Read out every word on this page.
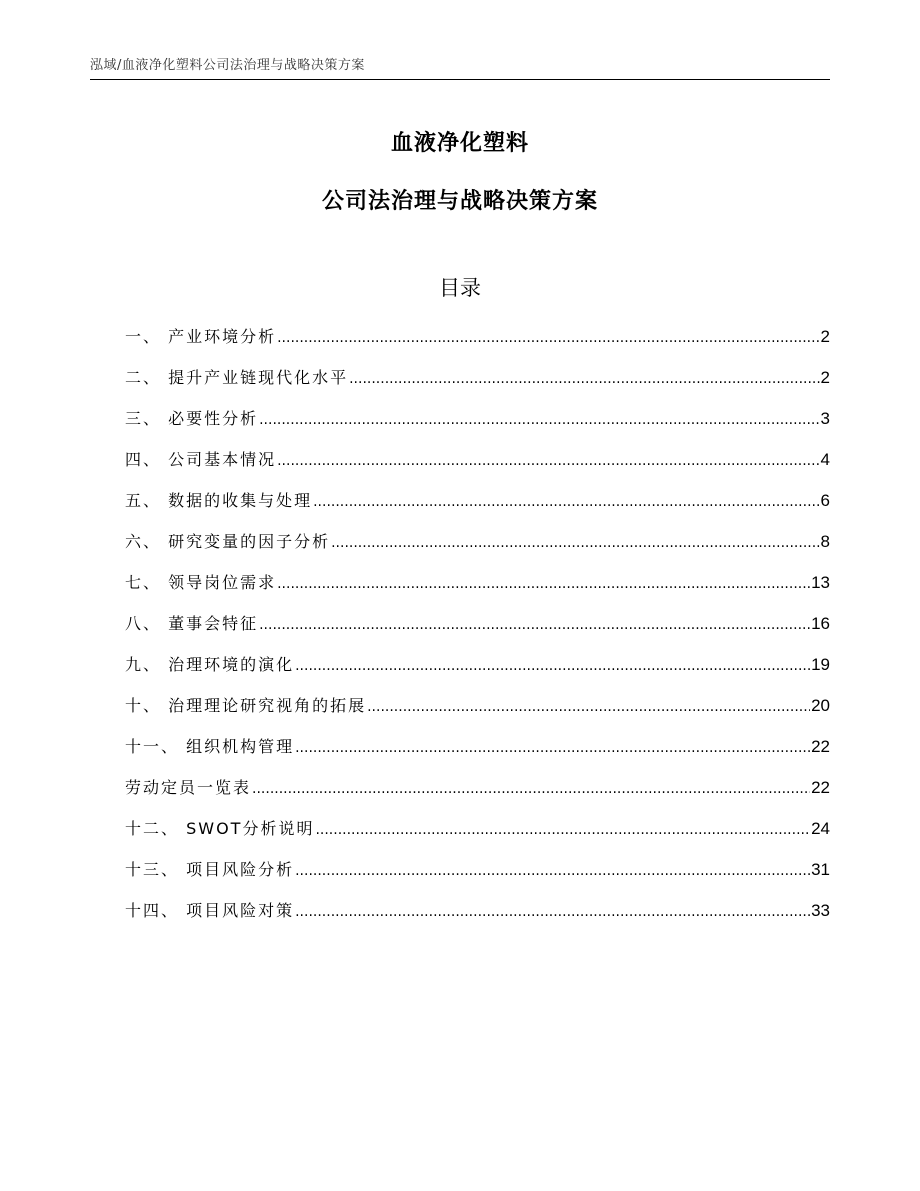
泓域/血液净化塑料公司法治理与战略决策方案
血液净化塑料
公司法治理与战略决策方案
目录
一、 产业环境分析 .....	2
二、 提升产业链现代化水平 .....	2
三、 必要性分析 .....	3
四、 公司基本情况 .....	4
五、 数据的收集与处理 .....	6
六、 研究变量的因子分析 .....	8
七、 领导岗位需求 .....	13
八、 董事会特征 .....	16
九、 治理环境的演化 .....	19
十、 治理理论研究视角的拓展 .....	20
十一、 组织机构管理 .....	22
劳动定员一览表 .....	22
十二、 SWOT分析说明 .....	24
十三、 项目风险分析 .....	31
十四、 项目风险对策 .....	33
